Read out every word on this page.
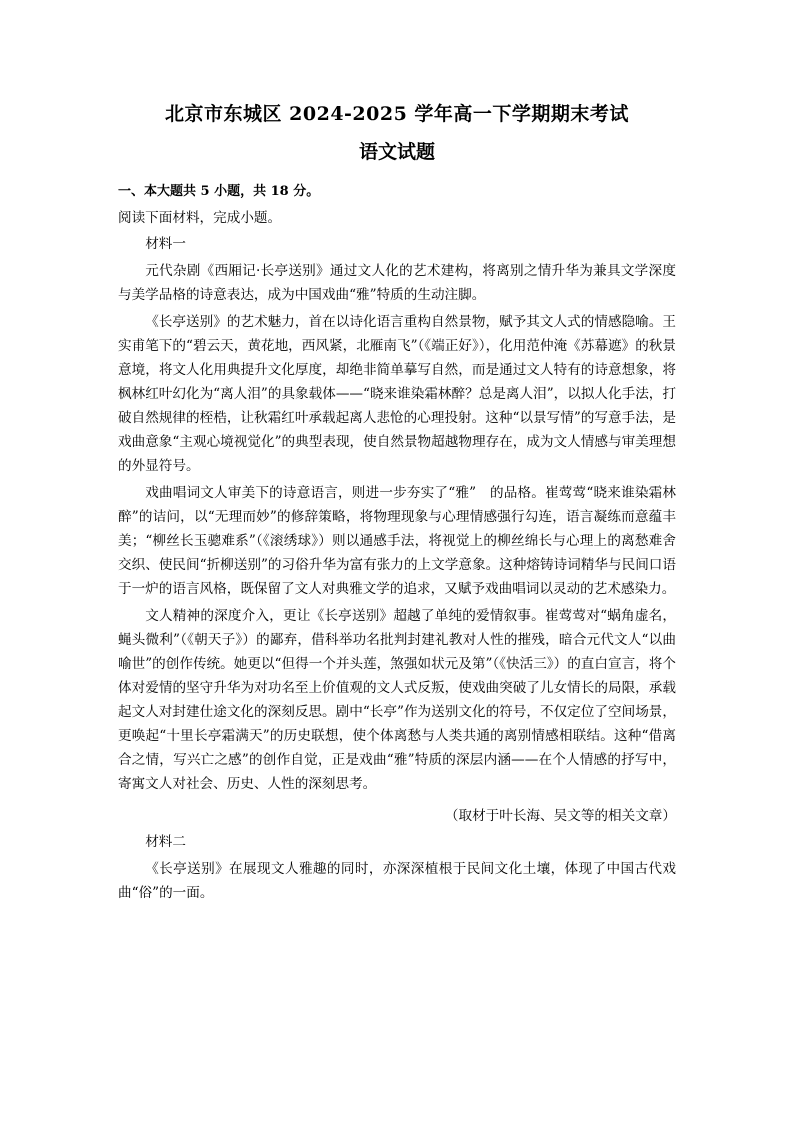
北京市东城区 2024-2025 学年高一下学期期末考试
语文试题

一、本大题共 5 小题，共 18 分。

阅读下面材料，完成小题。

材料一

元代杂剧《西厢记·长亭送别》通过文人化的艺术建构，将离别之情升华为兼具文学深度与美学品格的诗意表达，成为中国戏曲“雅”特质的生动注脚。

《长亭送别》的艺术魅力，首在以诗化语言重构自然景物，赋予其文人式的情感隐喻。王实甫笔下的“碧云天，黄花地，西风紧，北雁南飞”（《端正好》），化用范仲淹《苏幕遮》的秋景意境，将文人化用典提升文化厚度，却绝非简单摹写自然，而是通过文人特有的诗意想象，将枫林红叶幻化为“离人泪”的具象载体——“晓来谁染霜林醉？总是离人泪”，以拟人化手法，打破自然规律的桎梏，让秋霜红叶承载起离人悲怆的心理投射。这种“以景写情”的写意手法，是戏曲意象“主观心境视觉化”的典型表现，使自然景物超越物理存在，成为文人情感与审美理想的外显符号。

戏曲唱词文人审美下的诗意语言，则进一步夯实了“雅”　的品格。崔莺莺“晓来谁染霜林醉”的诘问，以“无理而妙”的修辞策略，将物理现象与心理情感强行勾连，语言凝练而意蕴丰美；“柳丝长玉骢难系”（《滚绣球》）则以通感手法，将视觉上的柳丝绵长与心理上的离愁难舍交织、使民间“折柳送别”的习俗升华为富有张力的上文学意象。这种熔铸诗词精华与民间口语于一炉的语言风格，既保留了文人对典雅文学的追求，又赋予戏曲唱词以灵动的艺术感染力。

文人精神的深度介入，更让《长亭送别》超越了单纯的爱情叙事。崔莺莺对“蜗角虚名，蝇头微利”（《朝天子》）的鄙弃，借科举功名批判封建礼教对人性的摧残，暗合元代文人“以曲喻世”的创作传统。她更以“但得一个并头莲，煞强如状元及第”（《快活三》）的直白宣言，将个体对爱情的坚守升华为对功名至上价值观的文人式反叛，使戏曲突破了儿女情长的局限，承载起文人对封建仕途文化的深刻反思。剧中“长亭”作为送别文化的符号，不仅定位了空间场景，更唤起“十里长亭霜满天”的历史联想，使个体离愁与人类共通的离别情感相联结。这种“借离合之情，写兴亡之感”的创作自觉，正是戏曲“雅”特质的深层内涵——在个人情感的抒写中，寄寓文人对社会、历史、人性的深刻思考。

（取材于叶长海、吴文等的相关文章）

材料二

《长亭送别》在展现文人雅趣的同时，亦深深植根于民间文化土壤，体现了中国古代戏曲“俗”的一面。
